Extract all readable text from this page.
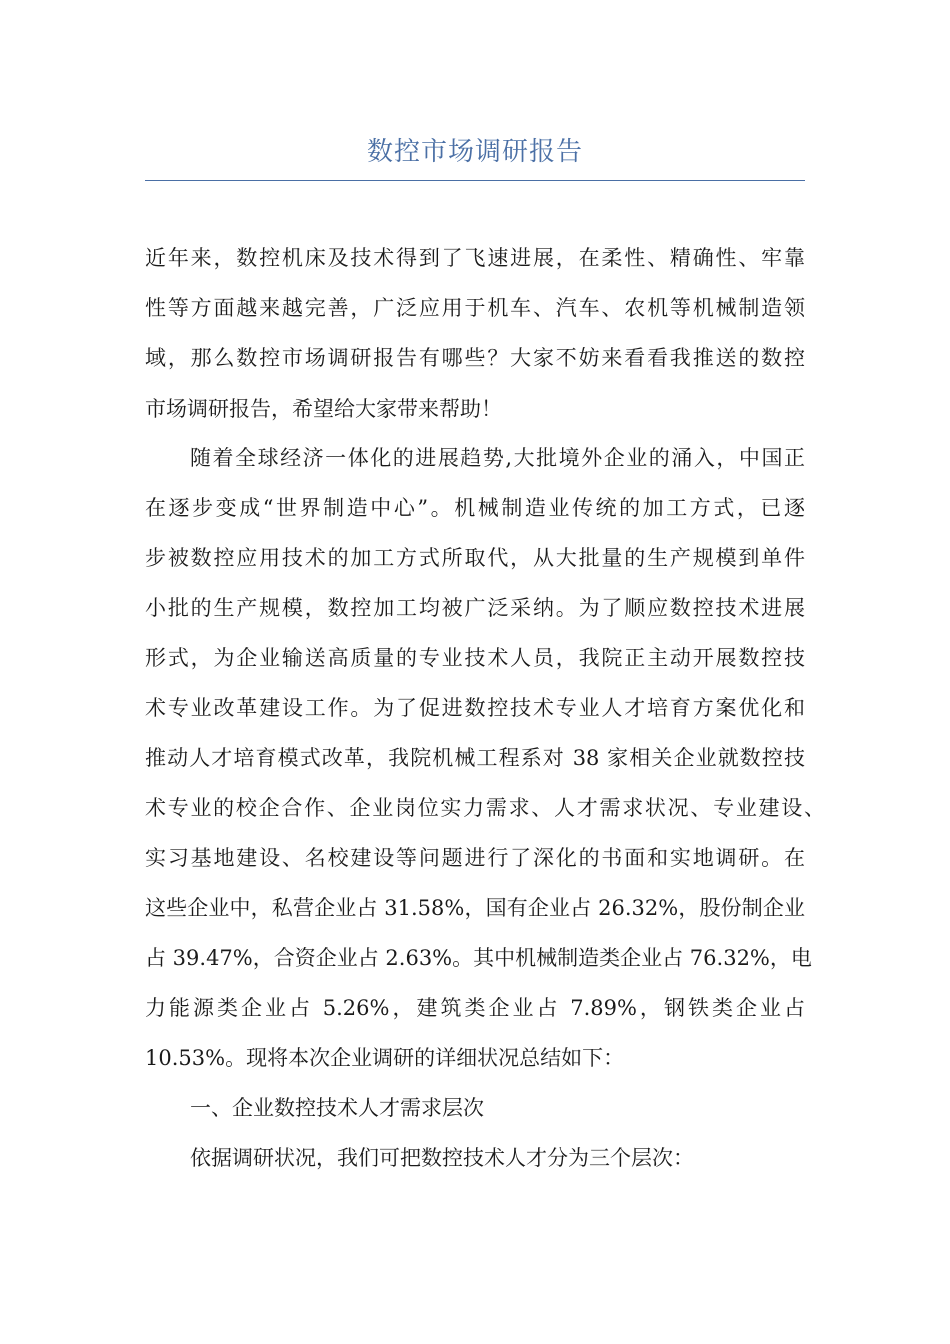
数控市场调研报告
近年来，数控机床及技术得到了飞速进展，在柔性、精确性、牢靠
性等方面越来越完善，广泛应用于机车、汽车、农机等机械制造领
域，那么数控市场调研报告有哪些？大家不妨来看看我推送的数控
市场调研报告，希望给大家带来帮助！
随着全球经济一体化的进展趋势,大批境外企业的涌入，中国正
在逐步变成“世界制造中心”。机械制造业传统的加工方式，已逐
步被数控应用技术的加工方式所取代，从大批量的生产规模到单件
小批的生产规模，数控加工均被广泛采纳。为了顺应数控技术进展
形式，为企业输送高质量的专业技术人员，我院正主动开展数控技
术专业改革建设工作。为了促进数控技术专业人才培育方案优化和
推动人才培育模式改革，我院机械工程系对 38 家相关企业就数控技
术专业的校企合作、企业岗位实力需求、人才需求状况、专业建设、
实习基地建设、名校建设等问题进行了深化的书面和实地调研。在
这些企业中，私营企业占 31.58%，国有企业占 26.32%，股份制企业
占 39.47%，合资企业占 2.63%。其中机械制造类企业占 76.32%，电
力能源类企业占 5.26%，建筑类企业占 7.89%，钢铁类企业占
10.53%。现将本次企业调研的详细状况总结如下：
一、企业数控技术人才需求层次
依据调研状况，我们可把数控技术人才分为三个层次：
